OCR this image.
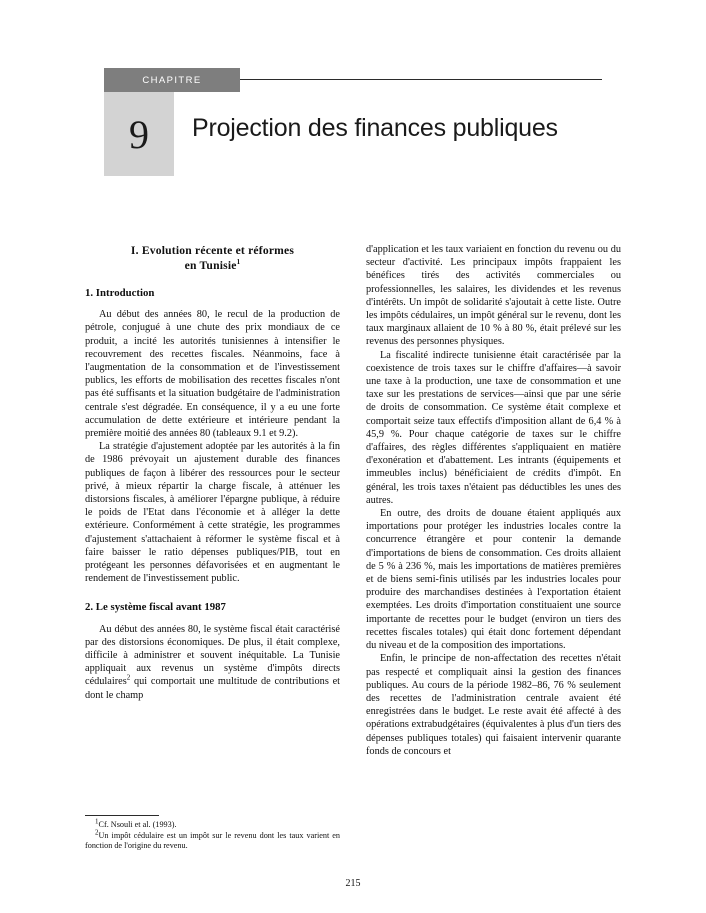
CHAPITRE
9	Projection des finances publiques
I. Evolution récente et réformes
en Tunisie$^1$
1. Introduction

Au début des années 80, le recul de la production de pétrole, conjugué à une chute des prix mondiaux de ce produit, a incité les autorités tunisiennes à intensifier le recouvrement des recettes fiscales. Néanmoins, face à l'augmentation de la consommation et de l'investissement publics, les efforts de mobilisation des recettes fiscales n'ont pas été suffisants et la situation budgétaire de l'administration centrale s'est dégradée. En conséquence, il y a eu une forte accumulation de dette extérieure et intérieure pendant la première moitié des années 80 (tableaux 9.1 et 9.2).

La stratégie d'ajustement adoptée par les autorités à la fin de 1986 prévoyait un ajustement durable des finances publiques de façon à libérer des ressources pour le secteur privé, à mieux répartir la charge fiscale, à atténuer les distorsions fiscales, à améliorer l'épargne publique, à réduire le poids de l'Etat dans l'économie et à alléger la dette extérieure. Conformément à cette stratégie, les programmes d'ajustement s'attachaient à réformer le système fiscal et à faire baisser le ratio dépenses publiques/PIB, tout en protégeant les personnes défavorisées et en augmentant le rendement de l'investissement public.

2. Le système fiscal avant 1987

Au début des années 80, le système fiscal était caractérisé par des distorsions économiques. De plus, il était complexe, difficile à administrer et souvent inéquitable. La Tunisie appliquait aux revenus un système d'impôts directs cédulaires$^2$ qui comportait une multitude de contributions et dont le champ

d'application et les taux variaient en fonction du revenu ou du secteur d'activité. Les principaux impôts frappaient les bénéfices tirés des activités commerciales ou professionnelles, les salaires, les dividendes et les revenus d'intérêts. Un impôt de solidarité s'ajoutait à cette liste. Outre les impôts cédulaires, un impôt général sur le revenu, dont les taux marginaux allaient de 10 % à 80 %, était prélevé sur les revenus des personnes physiques.

La fiscalité indirecte tunisienne était caractérisée par la coexistence de trois taxes sur le chiffre d'affaires—à savoir une taxe à la production, une taxe de consommation et une taxe sur les prestations de services—ainsi que par une série de droits de consommation. Ce système était complexe et comportait seize taux effectifs d'imposition allant de 6,4 % à 45,9 %. Pour chaque catégorie de taxes sur le chiffre d'affaires, des règles différentes s'appliquaient en matière d'exonération et d'abattement. Les intrants (équipements et immeubles inclus) bénéficiaient de crédits d'impôt. En général, les trois taxes n'étaient pas déductibles les unes des autres.

En outre, des droits de douane étaient appliqués aux importations pour protéger les industries locales contre la concurrence étrangère et pour contenir la demande d'importations de biens de consommation. Ces droits allaient de 5 % à 236 %, mais les importations de matières premières et de biens semi-finis utilisés par les industries locales pour produire des marchandises destinées à l'exportation étaient exemptées. Les droits d'importation constituaient une source importante de recettes pour le budget (environ un tiers des recettes fiscales totales) qui était donc fortement dépendant du niveau et de la composition des importations.

Enfin, le principe de non-affectation des recettes n'était pas respecté et compliquait ainsi la gestion des finances publiques. Au cours de la période 1982–86, 76 % seulement des recettes de l'administration centrale avaient été enregistrées dans le budget. Le reste avait été affecté à des opérations extrabudgétaires (équivalentes à plus d'un tiers des dépenses publiques totales) qui faisaient intervenir quarante fonds de concours et

$^1$Cf. Nsouli et al. (1993).

$^2$Un impôt cédulaire est un impôt sur le revenu dont les taux varient en fonction de l'origine du revenu.

215
